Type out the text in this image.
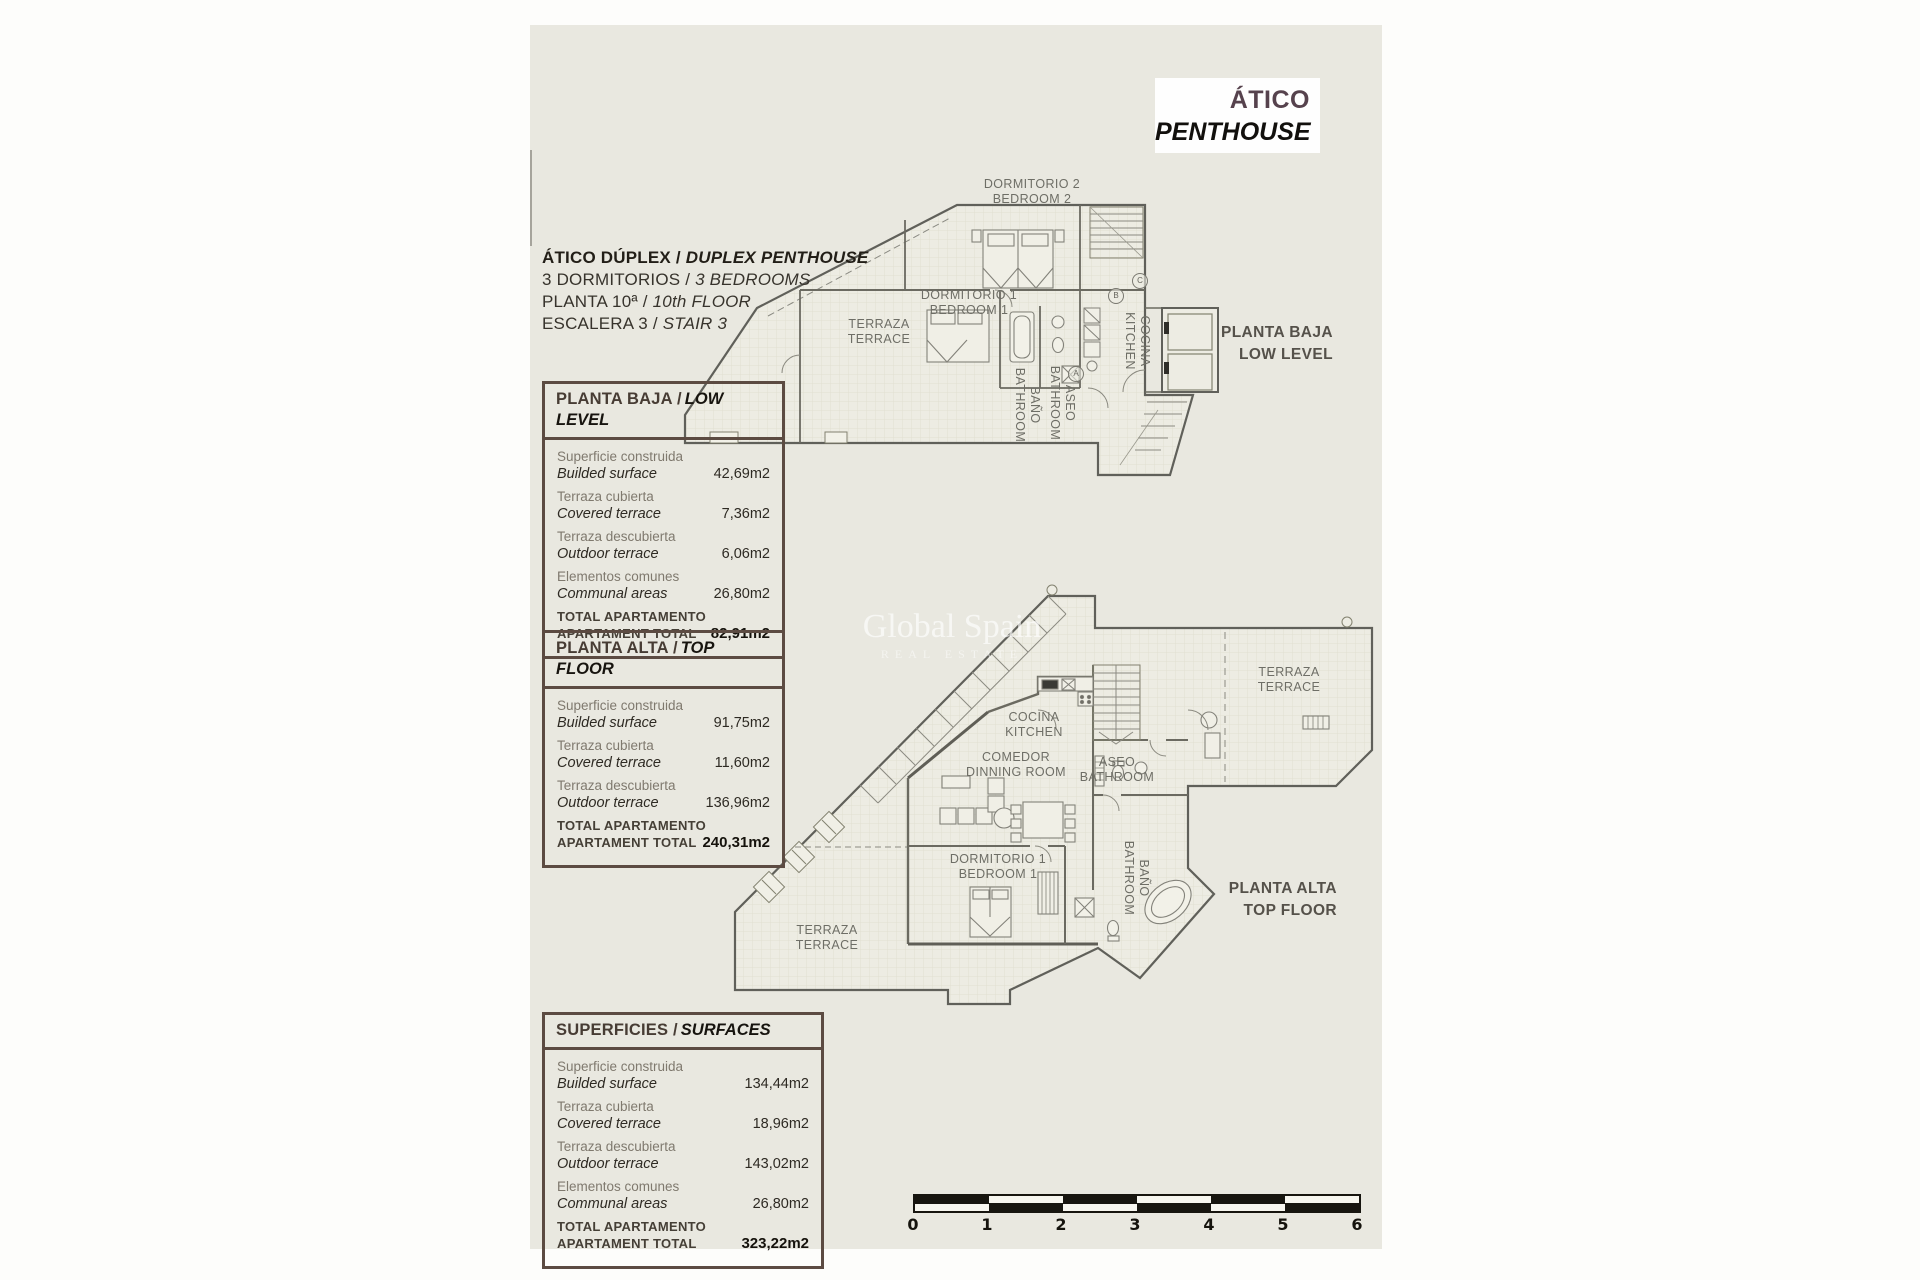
ÁTICO
PENTHOUSE
ÁTICO DÚPLEX / DUPLEX PENTHOUSE
3 DORMITORIOS / 3 BEDROOMS
PLANTA 10ª / 10th FLOOR
ESCALERA 3 / STAIR 3
PLANTA BAJA / LOW LEVEL
Superficie construida
Builded surface	42,69m2
Terraza cubierta
Covered terrace	7,36m2
Terraza descubierta
Outdoor terrace	6,06m2
Elementos comunes
Communal areas	26,80m2
TOTAL APARTAMENTO
APARTAMENT TOTAL 82,91m2
PLANTA ALTA / TOP FLOOR
Superficie construida
Builded surface	91,75m2
Terraza cubierta
Covered terrace	11,60m2
Terraza descubierta
Outdoor terrace	136,96m2
TOTAL APARTAMENTO
APARTAMENT TOTAL 240,31m2
SUPERFICIES / SURFACES
Superficie construida
Builded surface	134,44m2
Terraza cubierta
Covered terrace	18,96m2
Terraza descubierta
Outdoor terrace	143,02m2
Elementos comunes
Communal areas	26,80m2
TOTAL APARTAMENTO
APARTAMENT TOTAL	323,22m2
DORMITORIO 2
BEDROOM 2
DORMITORIO 1
BEDROOM 1
TERRAZA
TERRACE	COCINA
KITCHEN
BAÑO
BATHROOM	ASEO
BATHROOM	A
B
C
PLANTA BAJA
LOW LEVEL
TERRAZA
TERRACE
COCINA
KITCHEN
COMEDOR
DINNING ROOM
ASEO
BATHROOM
DORMITORIO 1
BEDROOM 1	BAÑO
BATHROOM
TERRAZA
TERRACE
PLANTA ALTA
TOP FLOOR
Global Spain
REAL ESTATE
0	1	2	3	4	5	6
